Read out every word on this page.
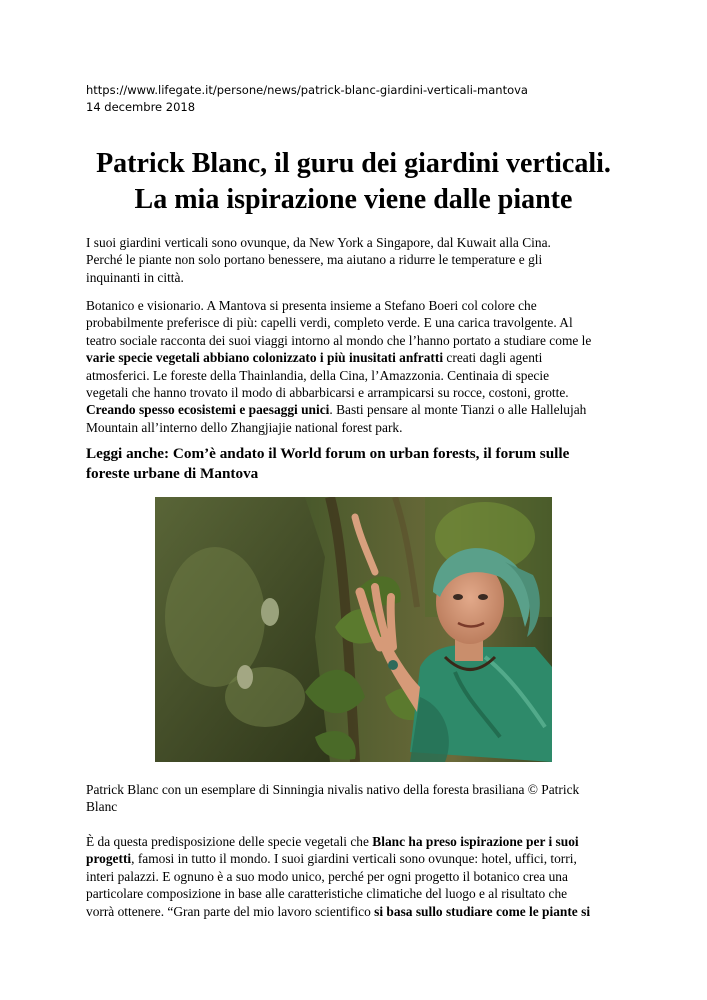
https://www.lifegate.it/persone/news/patrick-blanc-giardini-verticali-mantova
14 decembre 2018
Patrick Blanc, il guru dei giardini verticali.
La mia ispirazione viene dalle piante

I suoi giardini verticali sono ovunque, da New York a Singapore, dal Kuwait alla Cina.
Perché le piante non solo portano benessere, ma aiutano a ridurre le temperature e gli
inquinanti in città.

Botanico e visionario. A Mantova si presenta insieme a Stefano Boeri col colore che
probabilmente preferisce di più: capelli verdi, completo verde. E una carica travolgente. Al
teatro sociale racconta dei suoi viaggi intorno al mondo che l’hanno portato a studiare come le
varie specie vegetali abbiano colonizzato i più inusitati anfratti creati dagli agenti
atmosferici. Le foreste della Thainlandia, della Cina, l’Amazzonia. Centinaia di specie
vegetali che hanno trovato il modo di abbarbicarsi e arrampicarsi su rocce, costoni, grotte.
Creando spesso ecosistemi e paesaggi unici. Basti pensare al monte Tianzi o alle Hallelujah
Mountain all’interno dello Zhangjiajie national forest park.

Leggi anche: Com’è andato il World forum on urban forests, il forum sulle
foreste urbane di Mantova

Patrick Blanc con un esemplare di Sinningia nivalis nativo della foresta brasiliana © Patrick
Blanc

È da questa predisposizione delle specie vegetali che Blanc ha preso ispirazione per i suoi
progetti, famosi in tutto il mondo. I suoi giardini verticali sono ovunque: hotel, uffici, torri,
interi palazzi. E ognuno è a suo modo unico, perché per ogni progetto il botanico crea una
particolare composizione in base alle caratteristiche climatiche del luogo e al risultato che
vorrà ottenere. “Gran parte del mio lavoro scientifico si basa sullo studiare come le piante si
